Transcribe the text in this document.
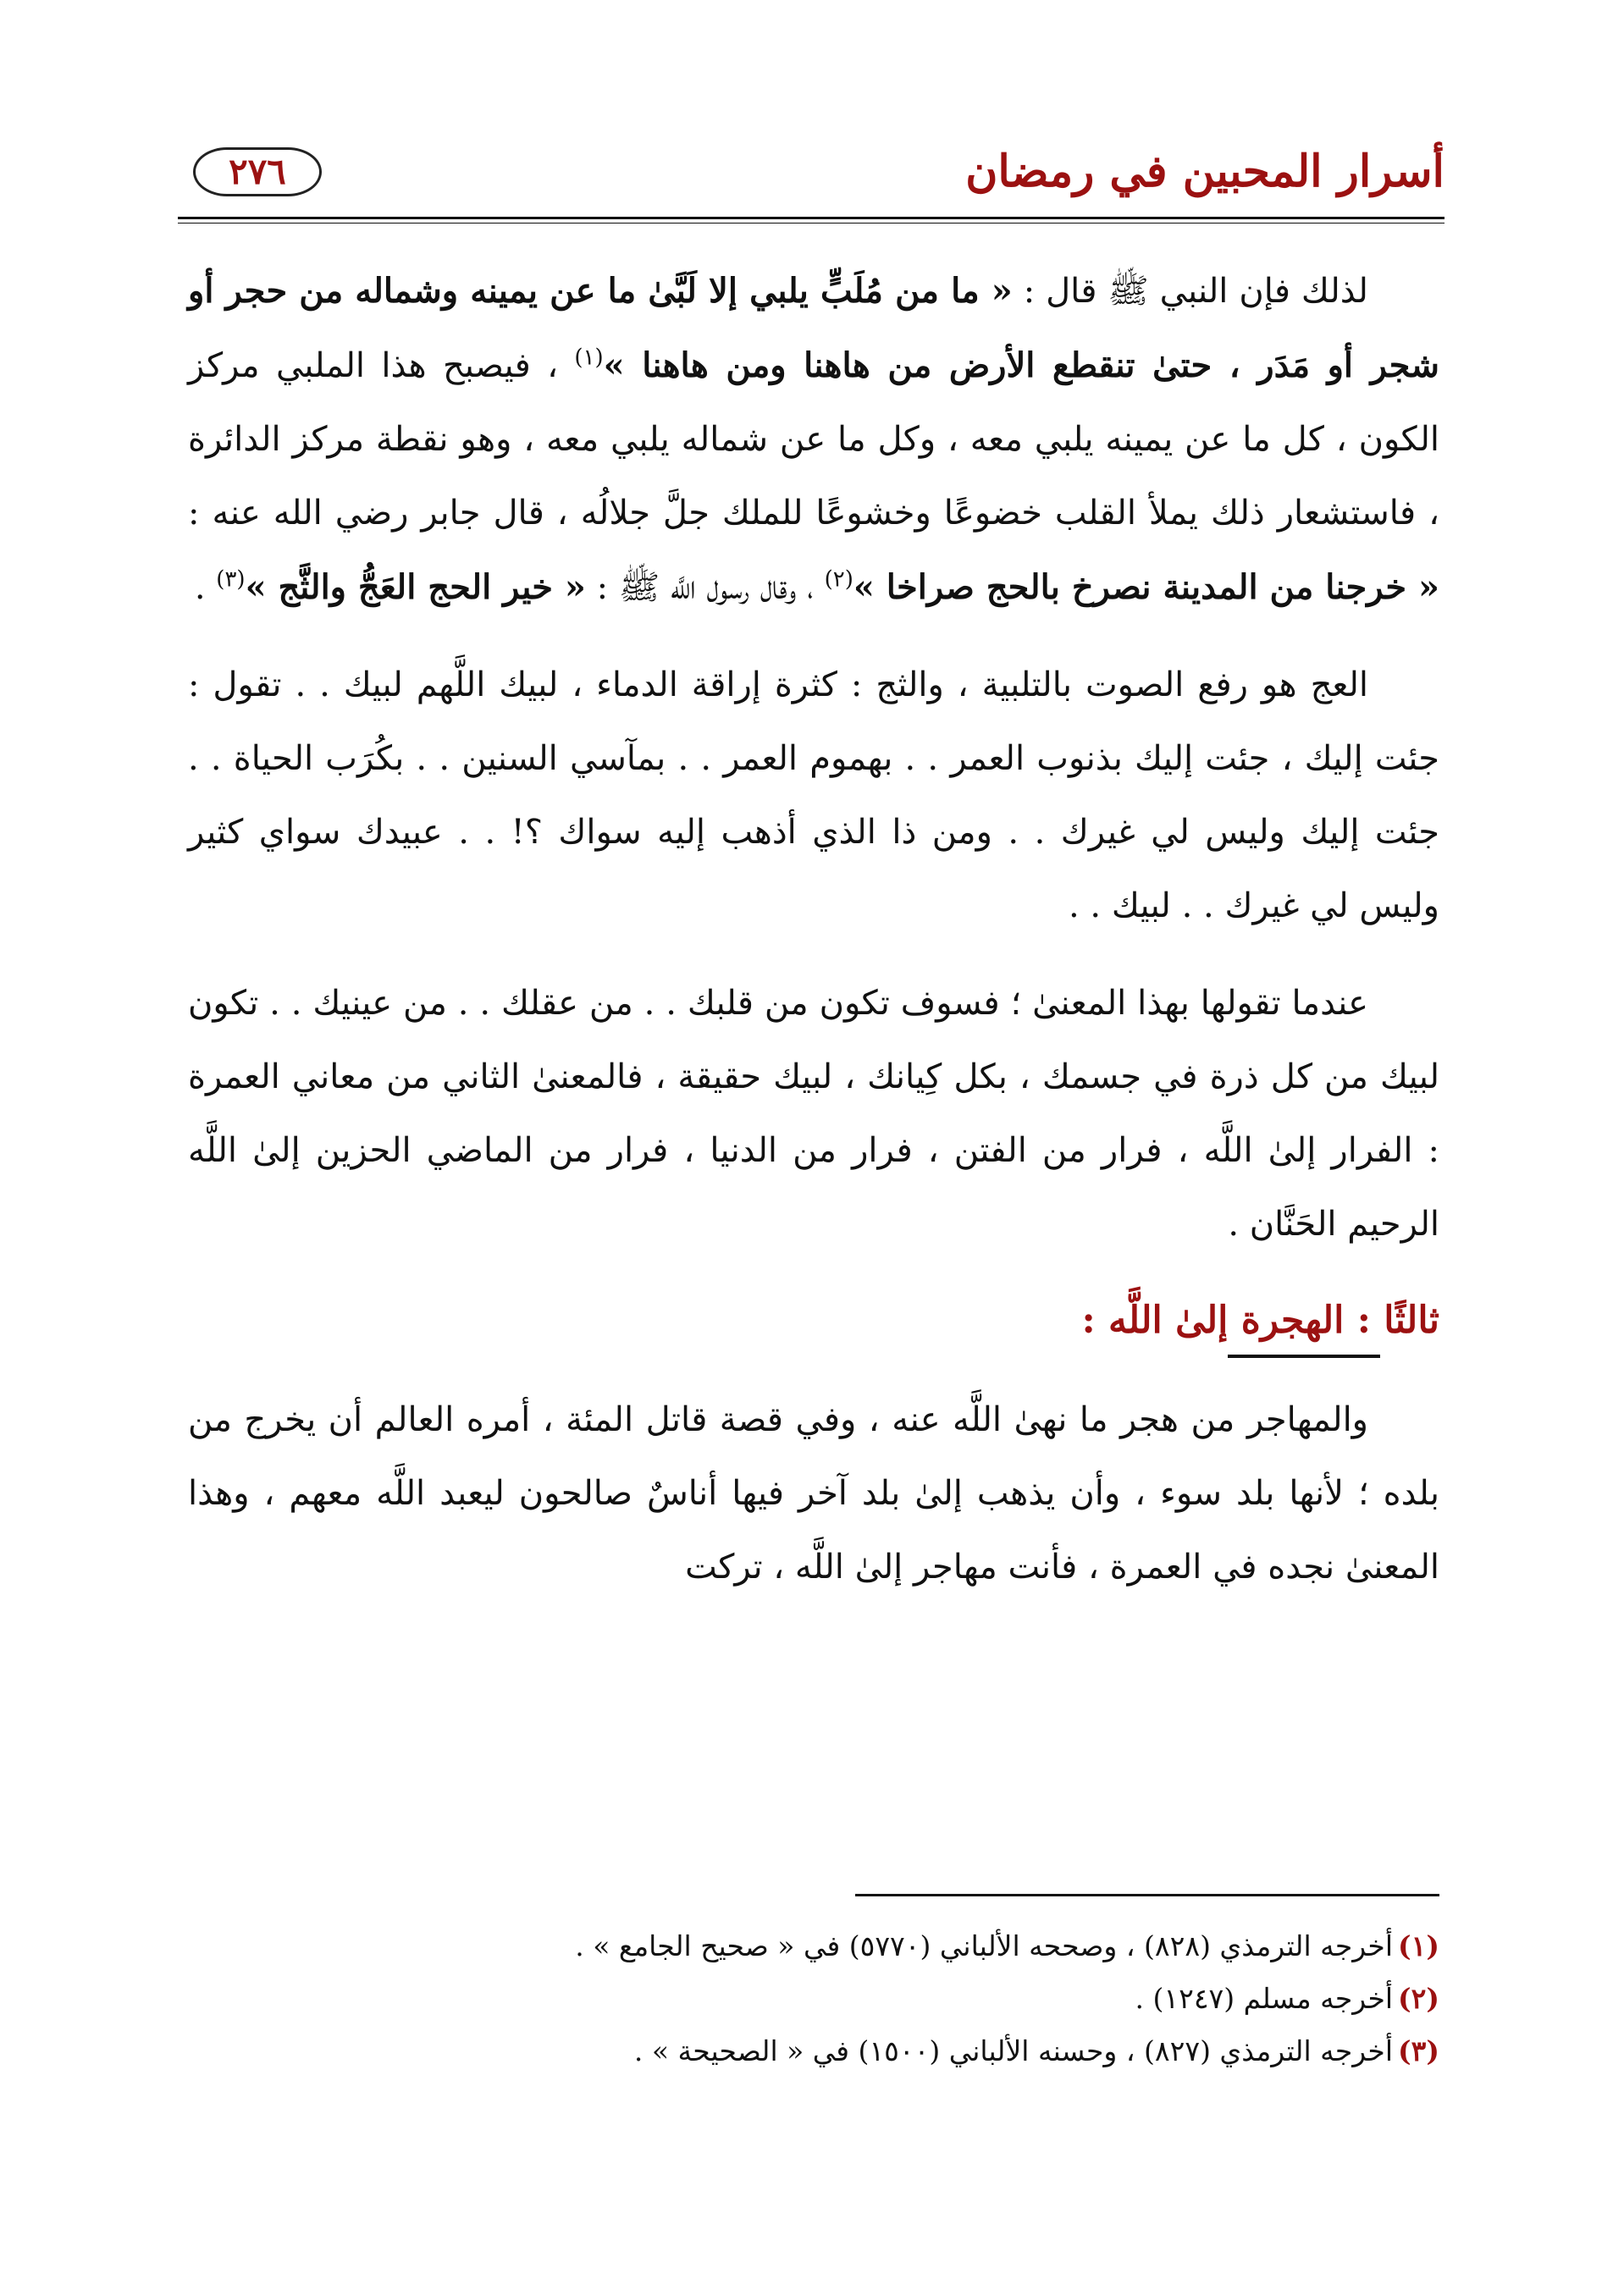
أسرار المحبين في رمضان
٢٧٦

لذلك فإن النبي ﷺ قال : « ما من مُلَبٍّ يلبي إلا لَبَّىٰ ما عن يمينه وشماله من حجر أو شجر أو مَدَر ، حتىٰ تنقطع الأرض من هاهنا ومن هاهنا »$^{(١)}$ ، فيصبح هذا الملبي مركز الكون ، كل ما عن يمينه يلبي معه ، وكل ما عن شماله يلبي معه ، وهو نقطة مركز الدائرة ، فاستشعار ذلك يملأ القلب خضوعًا وخشوعًا للملك جلَّ جلالُه ، قال جابر رضي الله عنه : « خرجنا من المدينة نصرخ بالحج صراخا »$^{(٢)}$ ، وقال رسول اللَّه ﷺ : « خير الحج العَجُّ والثَّج »$^{(٣)}$ .

العج هو رفع الصوت بالتلبية ، والثج : كثرة إراقة الدماء ، لبيك اللَّهم لبيك . . تقول : جئت إليك ، جئت إليك بذنوب العمر . . بهموم العمر . . بمآسي السنين . . بكُرَب الحياة . . جئت إليك وليس لي غيرك . . ومن ذا الذي أذهب إليه سواك ؟! . . عبيدك سواي كثير وليس لي غيرك . . لبيك . .

عندما تقولها بهذا المعنىٰ ؛ فسوف تكون من قلبك . . من عقلك . . من عينيك . . تكون لبيك من كل ذرة في جسمك ، بكل كِيانك ، لبيك حقيقة ، فالمعنىٰ الثاني من معاني العمرة : الفرار إلىٰ اللَّه ، فرار من الفتن ، فرار من الدنيا ، فرار من الماضي الحزين إلىٰ اللَّه الرحيم الحَنَّان .

ثالثًا : الهجرة إلىٰ اللَّه :

والمهاجر من هجر ما نهىٰ اللَّه عنه ، وفي قصة قاتل المئة ، أمره العالم أن يخرج من بلده ؛ لأنها بلد سوء ، وأن يذهب إلىٰ بلد آخر فيها أناسٌ صالحون ليعبد اللَّه معهم ، وهذا المعنىٰ نجده في العمرة ، فأنت مهاجر إلىٰ اللَّه ، تركت

(١)أخرجه الترمذي (٨٢٨) ، وصححه الألباني (٥٧٧٠) في « صحيح الجامع » .

(٢)أخرجه مسلم (١٢٤٧) .

(٣)أخرجه الترمذي (٨٢٧) ، وحسنه الألباني (١٥٠٠) في « الصحيحة » .
